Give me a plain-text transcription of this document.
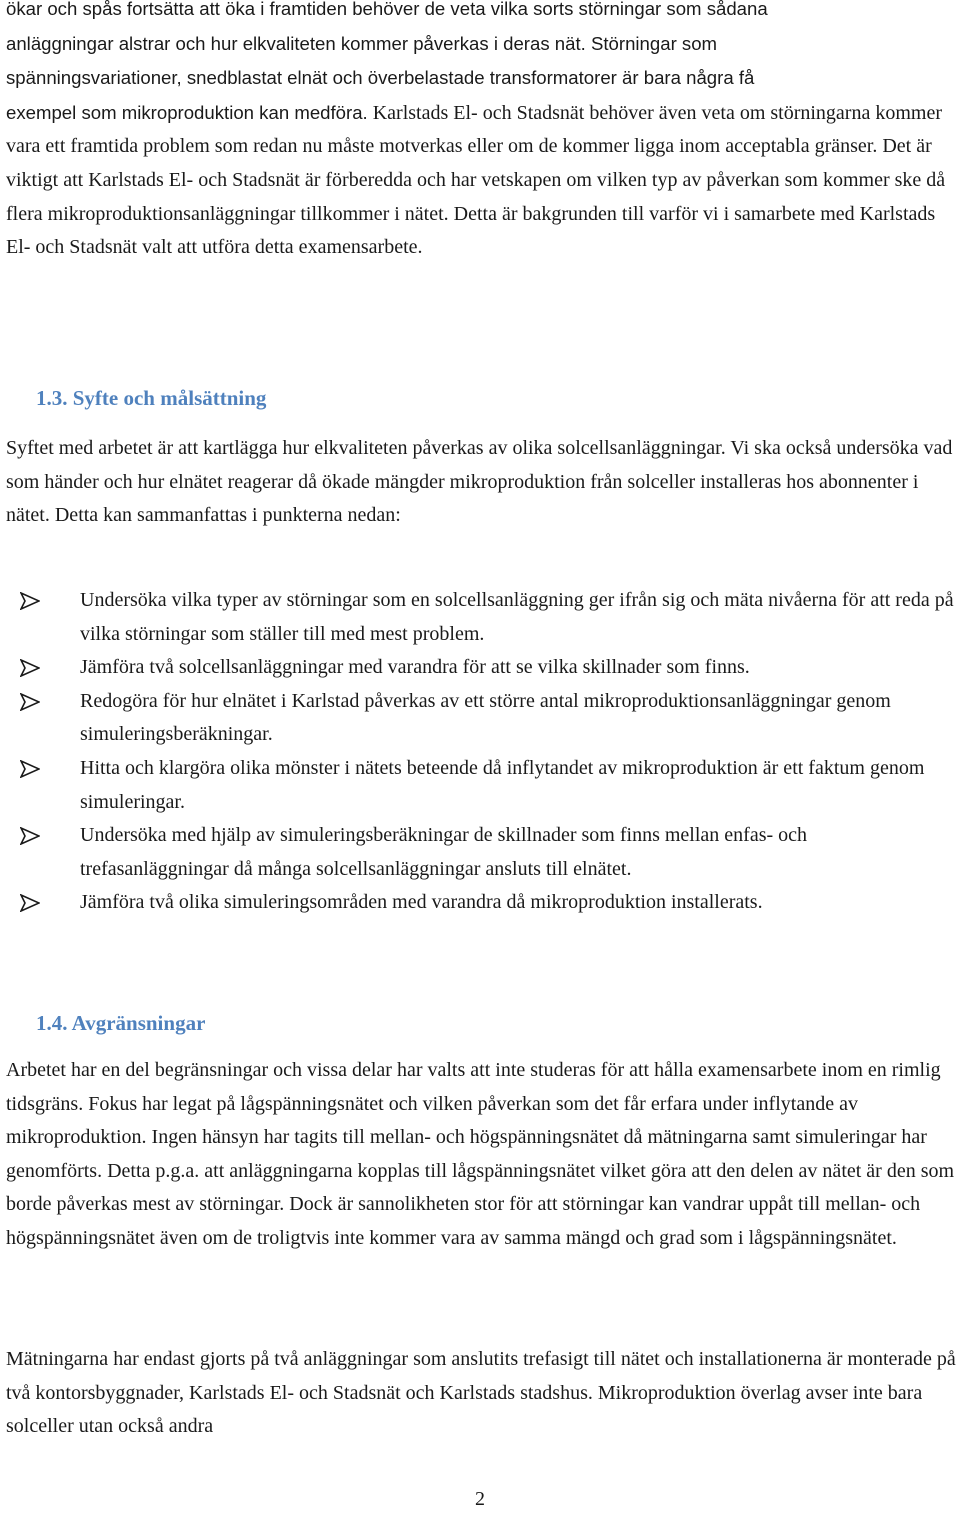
ökar och spås fortsätta att öka i framtiden behöver de veta vilka sorts störningar som sådana
anläggningar alstrar och hur elkvaliteten kommer påverkas i deras nät. Störningar som
spänningsvariationer, snedblastat elnät och överbelastade transformatorer är bara några få
exempel som mikroproduktion kan medföra. Karlstads El- och Stadsnät behöver även veta om störningarna kommer vara ett framtida problem som redan nu måste motverkas eller om de kommer ligga inom acceptabla gränser. Det är viktigt att Karlstads El- och Stadsnät är förberedda och har vetskapen om vilken typ av påverkan som kommer ske då flera mikroproduktionsanläggningar tillkommer i nätet. Detta är bakgrunden till varför vi i samarbete med Karlstads El- och Stadsnät valt att utföra detta examensarbete.

1.3. Syfte och målsättning

Syftet med arbetet är att kartlägga hur elkvaliteten påverkas av olika solcellsanläggningar. Vi ska också undersöka vad som händer och hur elnätet reagerar då ökade mängder mikroproduktion från solceller installeras hos abonnenter i nätet. Detta kan sammanfattas i punkterna nedan:

Undersöka vilka typer av störningar som en solcellsanläggning ger ifrån sig och mäta nivåerna för att reda på vilka störningar som ställer till med mest problem.
Jämföra två solcellsanläggningar med varandra för att se vilka skillnader som finns.
Redogöra för hur elnätet i Karlstad påverkas av ett större antal mikroproduktionsanläggningar genom simuleringsberäkningar.
Hitta och klargöra olika mönster i nätets beteende då inflytandet av mikroproduktion är ett faktum genom simuleringar.
Undersöka med hjälp av simuleringsberäkningar de skillnader som finns mellan enfas- och trefasanläggningar då många solcellsanläggningar ansluts till elnätet.
Jämföra två olika simuleringsområden med varandra då mikroproduktion installerats.
1.4. Avgränsningar

Arbetet har en del begränsningar och vissa delar har valts att inte studeras för att hålla examensarbete inom en rimlig tidsgräns. Fokus har legat på lågspänningsnätet och vilken påverkan som det får erfara under inflytande av mikroproduktion. Ingen hänsyn har tagits till mellan- och högspänningsnätet då mätningarna samt simuleringar har genomförts. Detta p.g.a. att anläggningarna kopplas till lågspänningsnätet vilket göra att den delen av nätet är den som borde påverkas mest av störningar. Dock är sannolikheten stor för att störningar kan vandrar uppåt till mellan- och högspänningsnätet även om de troligtvis inte kommer vara av samma mängd och grad som i lågspänningsnätet.

Mätningarna har endast gjorts på två anläggningar som anslutits trefasigt till nätet och installationerna är monterade på två kontorsbyggnader, Karlstads El- och Stadsnät och Karlstads stadshus. Mikroproduktion överlag avser inte bara solceller utan också andra

2
